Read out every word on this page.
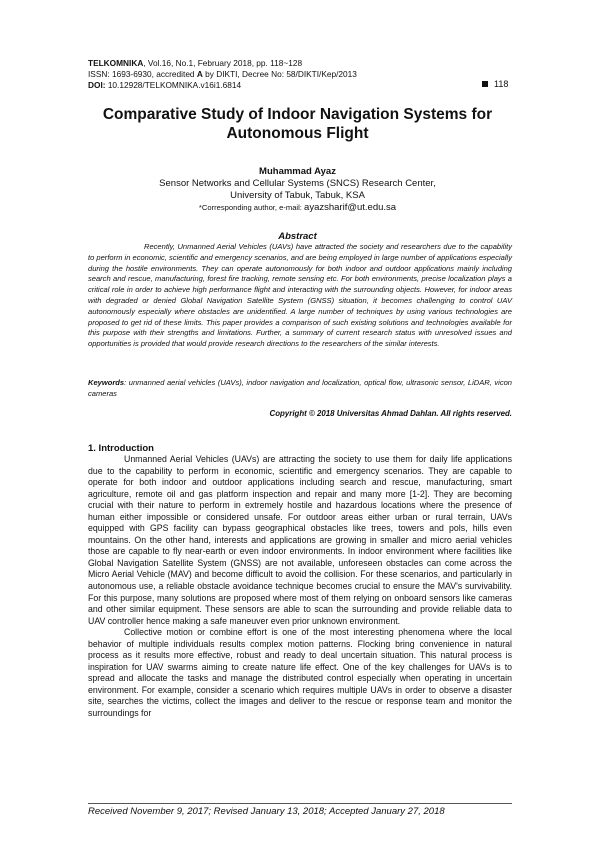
TELKOMNIKA, Vol.16, No.1, February 2018, pp. 118~128
ISSN: 1693-6930, accredited A by DIKTI, Decree No: 58/DIKTI/Kep/2013
DOI: 10.12928/TELKOMNIKA.v16i1.6814	118
Comparative Study of Indoor Navigation Systems for
Autonomous Flight
Muhammad Ayaz
Sensor Networks and Cellular Systems (SNCS) Research Center,
University of Tabuk, Tabuk, KSA
*Corresponding author, e-mail: ayazsharif@ut.edu.sa
Abstract

Recently, Unmanned Aerial Vehicles (UAVs) have attracted the society and researchers due to the capability to perform in economic, scientific and emergency scenarios, and are being employed in large number of applications especially during the hostile environments. They can operate autonomously for both indoor and outdoor applications mainly including search and rescue, manufacturing, forest fire tracking, remote sensing etc. For both environments, precise localization plays a critical role in order to achieve high performance flight and interacting with the surrounding objects. However, for indoor areas with degraded or denied Global Navigation Satellite System (GNSS) situation, it becomes challenging to control UAV autonomously especially where obstacles are unidentified. A large number of techniques by using various technologies are proposed to get rid of these limits. This paper provides a comparison of such existing solutions and technologies available for this purpose with their strengths and limitations. Further, a summary of current research status with unresolved issues and opportunities is provided that would provide research directions to the researchers of the similar interests.

Keywords: unmanned aerial vehicles (UAVs), indoor navigation and localization, optical flow, ultrasonic sensor, LiDAR, vicon cameras
Copyright © 2018 Universitas Ahmad Dahlan. All rights reserved.
1. Introduction

Unmanned Aerial Vehicles (UAVs) are attracting the society to use them for daily life applications due to the capability to perform in economic, scientific and emergency scenarios. They are capable to operate for both indoor and outdoor applications including search and rescue, manufacturing, smart agriculture, remote oil and gas platform inspection and repair and many more [1-2]. They are becoming crucial with their nature to perform in extremely hostile and hazardous locations where the presence of human either impossible or considered unsafe. For outdoor areas either urban or rural terrain, UAVs equipped with GPS facility can bypass geographical obstacles like trees, towers and pols, hills even mountains. On the other hand, interests and applications are growing in smaller and micro aerial vehicles those are capable to fly near-earth or even indoor environments. In indoor environment where facilities like Global Navigation Satellite System (GNSS) are not available, unforeseen obstacles can come across the Micro Aerial Vehicle (MAV) and become difficult to avoid the collision. For these scenarios, and particularly in autonomous use, a reliable obstacle avoidance technique becomes crucial to ensure the MAV's survivability. For this purpose, many solutions are proposed where most of them relying on onboard sensors like cameras and other similar equipment. These sensors are able to scan the surrounding and provide reliable data to UAV controller hence making a safe maneuver even prior unknown environment.

Collective motion or combine effort is one of the most interesting phenomena where the local behavior of multiple individuals results complex motion patterns. Flocking bring convenience in natural process as it results more effective, robust and ready to deal uncertain situation. This natural process is inspiration for UAV swarms aiming to create nature life effect. One of the key challenges for UAVs is to spread and allocate the tasks and manage the distributed control especially when operating in uncertain environment. For example, consider a scenario which requires multiple UAVs in order to observe a disaster site, searches the victims, collect the images and deliver to the rescue or response team and monitor the surroundings for

Received November 9, 2017; Revised January 13, 2018; Accepted January 27, 2018
